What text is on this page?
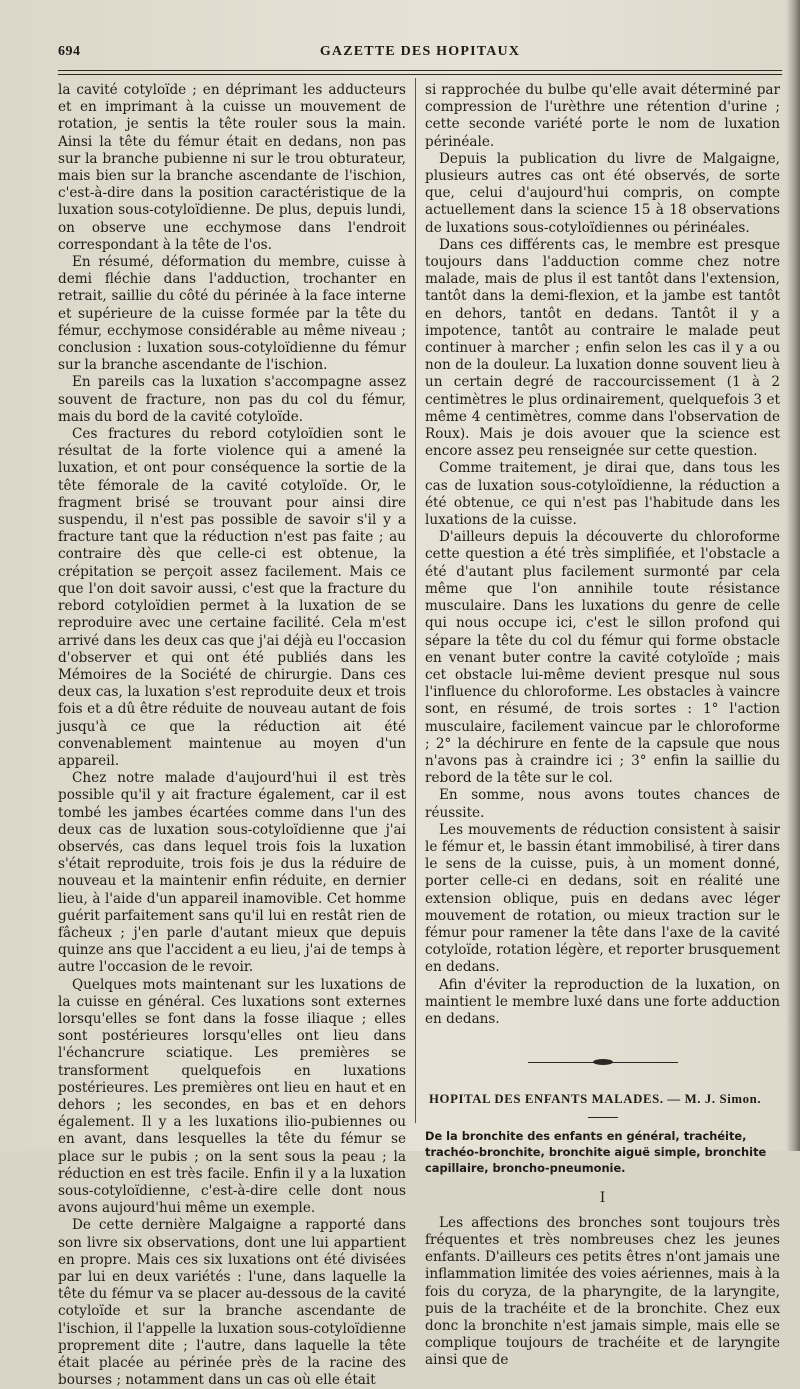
694	GAZETTE DES HOPITAUX

la cavité cotyloïde ; en déprimant les adducteurs et en imprimant à la cuisse un mouvement de rotation, je sentis la tête rouler sous la main. Ainsi la tête du fémur était en dedans, non pas sur la branche pubienne ni sur le trou obturateur, mais bien sur la branche ascendante de l'ischion, c'est-à-dire dans la position caractéristique de la luxation sous-cotyloïdienne. De plus, depuis lundi, on observe une ecchymose dans l'endroit correspondant à la tête de l'os.

En résumé, déformation du membre, cuisse à demi fléchie dans l'adduction, trochanter en retrait, saillie du côté du périnée à la face interne et supérieure de la cuisse formée par la tête du fémur, ecchymose considérable au même niveau ; conclusion : luxation sous-cotyloïdienne du fémur sur la branche ascendante de l'ischion.

En pareils cas la luxation s'accompagne assez souvent de fracture, non pas du col du fémur, mais du bord de la cavité cotyloïde.

Ces fractures du rebord cotyloïdien sont le résultat de la forte violence qui a amené la luxation, et ont pour conséquence la sortie de la tête fémorale de la cavité cotyloïde. Or, le fragment brisé se trouvant pour ainsi dire suspendu, il n'est pas possible de savoir s'il y a fracture tant que la réduction n'est pas faite ; au contraire dès que celle-ci est obtenue, la crépitation se perçoit assez facilement. Mais ce que l'on doit savoir aussi, c'est que la fracture du rebord cotyloïdien permet à la luxation de se reproduire avec une certaine facilité. Cela m'est arrivé dans les deux cas que j'ai déjà eu l'occasion d'observer et qui ont été publiés dans les Mémoires de la Société de chirurgie. Dans ces deux cas, la luxation s'est reproduite deux et trois fois et a dû être réduite de nouveau autant de fois jusqu'à ce que la réduction ait été convenablement maintenue au moyen d'un appareil.

Chez notre malade d'aujourd'hui il est très possible qu'il y ait fracture également, car il est tombé les jambes écartées comme dans l'un des deux cas de luxation sous-cotyloïdienne que j'ai observés, cas dans lequel trois fois la luxation s'était reproduite, trois fois je dus la réduire de nouveau et la maintenir enfin réduite, en dernier lieu, à l'aide d'un appareil inamovible. Cet homme guérit parfaitement sans qu'il lui en restât rien de fâcheux ; j'en parle d'autant mieux que depuis quinze ans que l'accident a eu lieu, j'ai de temps à autre l'occasion de le revoir.

Quelques mots maintenant sur les luxations de la cuisse en général. Ces luxations sont externes lorsqu'elles se font dans la fosse iliaque ; elles sont postérieures lorsqu'elles ont lieu dans l'échancrure sciatique. Les premières se transforment quelquefois en luxations postérieures. Les premières ont lieu en haut et en dehors ; les secondes, en bas et en dehors également. Il y a les luxations ilio-pubiennes ou en avant, dans lesquelles la tête du fémur se place sur le pubis ; on la sent sous la peau ; la réduction en est très facile. Enfin il y a la luxation sous-cotyloïdienne, c'est-à-dire celle dont nous avons aujourd'hui même un exemple.

De cette dernière Malgaigne a rapporté dans son livre six observations, dont une lui appartient en propre. Mais ces six luxations ont été divisées par lui en deux variétés : l'une, dans laquelle la tête du fémur va se placer au-dessous de la cavité cotyloïde et sur la branche ascendante de l'ischion, il l'appelle la luxation sous-cotyloïdienne proprement dite ; l'autre, dans laquelle la tête était placée au périnée près de la racine des bourses ; notamment dans un cas où elle était

si rapprochée du bulbe qu'elle avait déterminé par compression de l'urèthre une rétention d'urine ; cette seconde variété porte le nom de luxation périnéale.

Depuis la publication du livre de Malgaigne, plusieurs autres cas ont été observés, de sorte que, celui d'aujourd'hui compris, on compte actuellement dans la science 15 à 18 observations de luxations sous-cotyloïdiennes ou périnéales.

Dans ces différents cas, le membre est presque toujours dans l'adduction comme chez notre malade, mais de plus il est tantôt dans l'extension, tantôt dans la demi-flexion, et la jambe est tantôt en dehors, tantôt en dedans. Tantôt il y a impotence, tantôt au contraire le malade peut continuer à marcher ; enfin selon les cas il y a ou non de la douleur. La luxation donne souvent lieu à un certain degré de raccourcissement (1 à 2 centimètres le plus ordinairement, quelquefois 3 et même 4 centimètres, comme dans l'observation de Roux). Mais je dois avouer que la science est encore assez peu renseignée sur cette question.

Comme traitement, je dirai que, dans tous les cas de luxation sous-cotyloïdienne, la réduction a été obtenue, ce qui n'est pas l'habitude dans les luxations de la cuisse.

D'ailleurs depuis la découverte du chloroforme cette question a été très simplifiée, et l'obstacle a été d'autant plus facilement surmonté par cela même que l'on annihile toute résistance musculaire. Dans les luxations du genre de celle qui nous occupe ici, c'est le sillon profond qui sépare la tête du col du fémur qui forme obstacle en venant buter contre la cavité cotyloïde ; mais cet obstacle lui-même devient presque nul sous l'influence du chloroforme. Les obstacles à vaincre sont, en résumé, de trois sortes : 1° l'action musculaire, facilement vaincue par le chloroforme ; 2° la déchirure en fente de la capsule que nous n'avons pas à craindre ici ; 3° enfin la saillie du rebord de la tête sur le col.

En somme, nous avons toutes chances de réussite.

Les mouvements de réduction consistent à saisir le fémur et, le bassin étant immobilisé, à tirer dans le sens de la cuisse, puis, à un moment donné, porter celle-ci en dedans, soit en réalité une extension oblique, puis en dedans avec léger mouvement de rotation, ou mieux traction sur le fémur pour ramener la tête dans l'axe de la cavité cotyloïde, rotation légère, et reporter brusquement en dedans.

Afin d'éviter la reproduction de la luxation, on maintient le membre luxé dans une forte adduction en dedans.

HOPITAL DES ENFANTS MALADES. — M. J. Simon.
De la bronchite des enfants en général, trachéite, trachéo-bronchite, bronchite aiguë simple, bronchite capillaire, broncho-pneumonie.
I

Les affections des bronches sont toujours très fréquentes et très nombreuses chez les jeunes enfants. D'ailleurs ces petits êtres n'ont jamais une inflammation limitée des voies aériennes, mais à la fois du coryza, de la pharyngite, de la laryngite, puis de la trachéite et de la bronchite. Chez eux donc la bronchite n'est jamais simple, mais elle se complique toujours de trachéite et de laryngite ainsi que de
